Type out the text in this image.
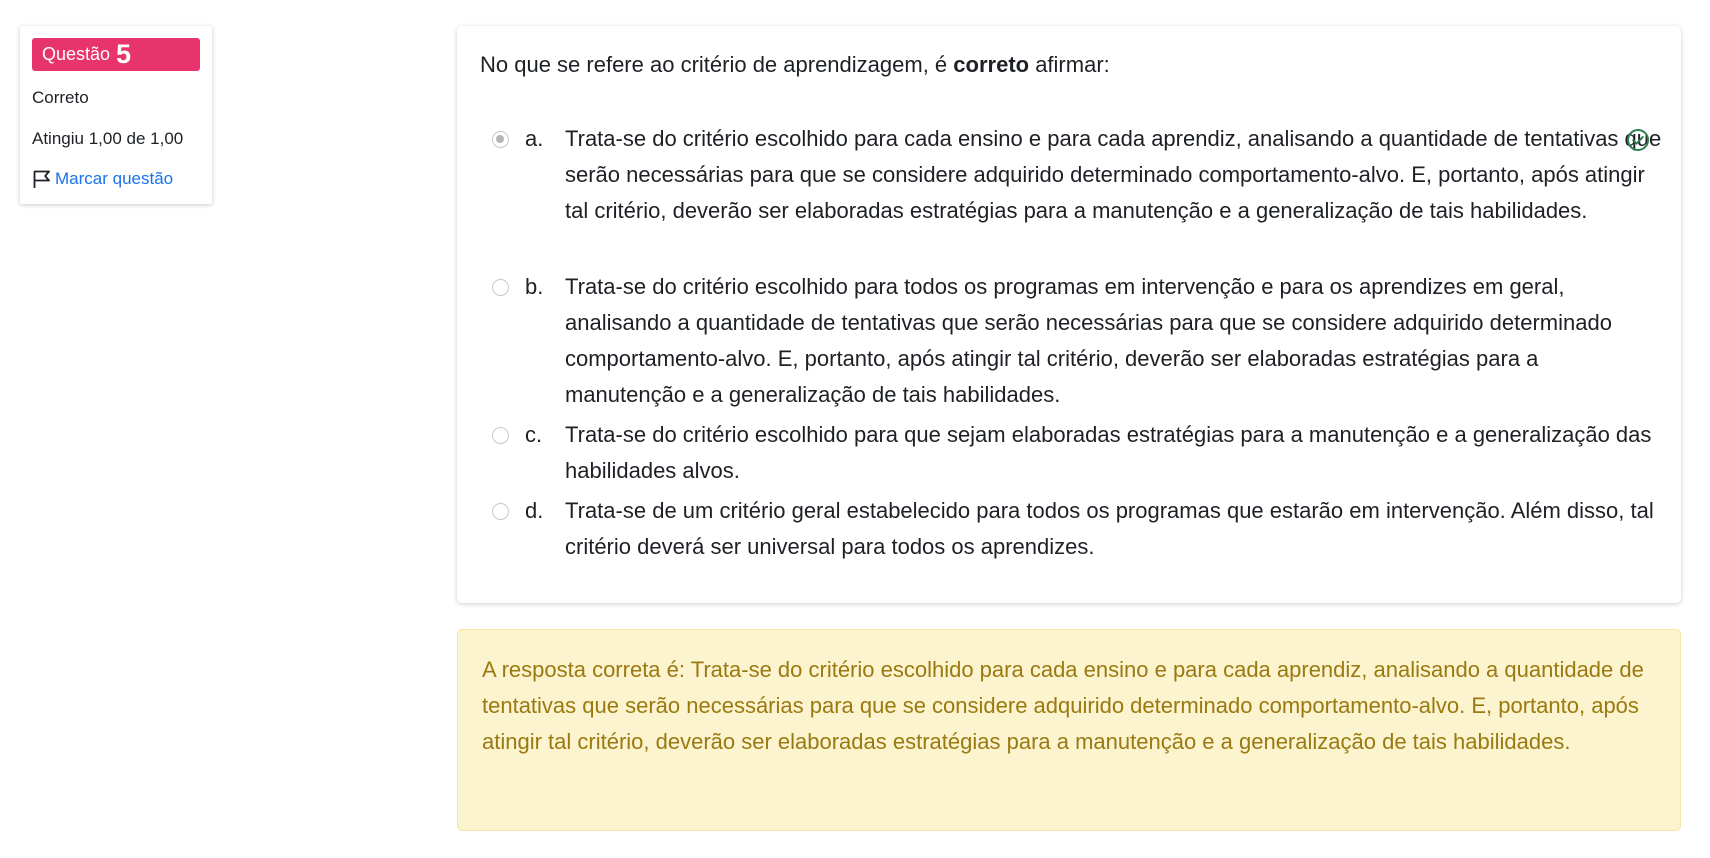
Questão 5
Correto
Atingiu 1,00 de 1,00
Marcar questão
No que se refere ao critério de aprendizagem, é correto afirmar:
a. Trata-se do critério escolhido para cada ensino e para cada aprendiz, analisando a quantidade de tentativas que serão necessárias para que se considere adquirido determinado comportamento-alvo. E, portanto, após atingir tal critério, deverão ser elaboradas estratégias para a manutenção e a generalização de tais habilidades.
b. Trata-se do critério escolhido para todos os programas em intervenção e para os aprendizes em geral, analisando a quantidade de tentativas que serão necessárias para que se considere adquirido determinado comportamento-alvo. E, portanto, após atingir tal critério, deverão ser elaboradas estratégias para a manutenção e a generalização de tais habilidades.
c. Trata-se do critério escolhido para que sejam elaboradas estratégias para a manutenção e a generalização das habilidades alvos.
d. Trata-se de um critério geral estabelecido para todos os programas que estarão em intervenção. Além disso, tal critério deverá ser universal para todos os aprendizes.
A resposta correta é: Trata-se do critério escolhido para cada ensino e para cada aprendiz, analisando a quantidade de tentativas que serão necessárias para que se considere adquirido determinado comportamento-alvo. E, portanto, após atingir tal critério, deverão ser elaboradas estratégias para a manutenção e a generalização de tais habilidades.
